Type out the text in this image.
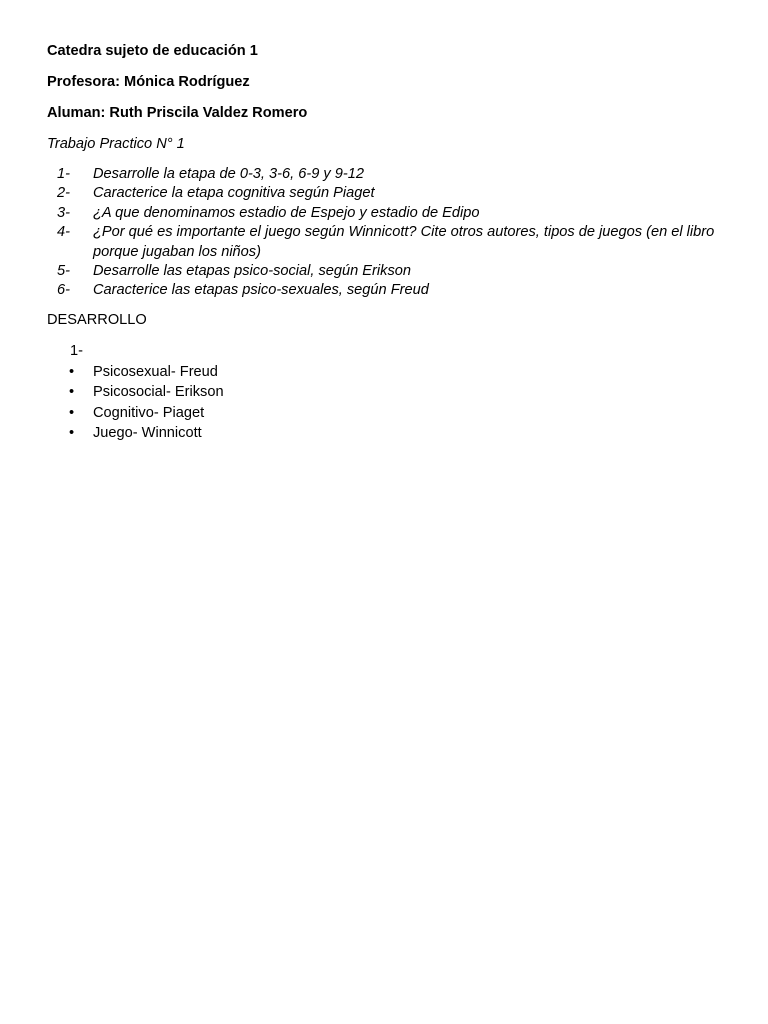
Catedra sujeto de educación 1

Profesora: Mónica Rodríguez

Aluman: Ruth Priscila Valdez Romero

Trabajo Practico N° 1

1-	Desarrolle la etapa de 0-3, 3-6, 6-9 y 9-12
2-	Caracterice la etapa cognitiva según Piaget
3-	¿A que denominamos estadio de Espejo y estadio de Edipo
4-	¿Por qué es importante el juego según Winnicott? Cite otros autores, tipos de juegos (en el libro porque jugaban los niños)
5-	Desarrolle las etapas psico-social, según Erikson
6-	Caracterice las etapas psico-sexuales, según Freud

DESARROLLO

1-

•	Psicosexual- Freud
•	Psicosocial- Erikson
•	Cognitivo- Piaget
•	Juego- Winnicott
